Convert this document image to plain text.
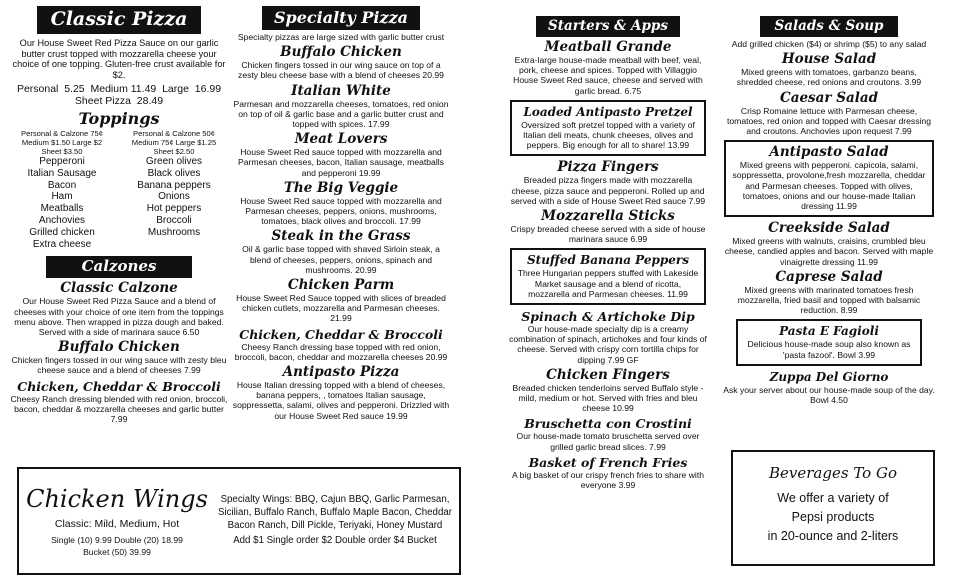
Classic Pizza
Our House Sweet Red Pizza Sauce on our garlic butter crust topped with mozzarella cheese your choice of one topping. Gluten-free crust available for $2.
Personal  5.25  Medium 11.49  Large  16.99
Sheet Pizza  28.49
Toppings
Personal & Calzone 75¢
Medium $1.50 Large $2
Sheet $3.50
Pepperoni
Italian Sausage
Bacon
Ham
Meatballs
Anchovies
Grilled chicken
Extra cheese
Personal & Calzone 50¢
Medium 75¢ Large $1.25
Sheet $2.50
Green olives
Black olives
Banana peppers
Onions
Hot peppers
Broccoli
Mushrooms
Calzones
Classic Calzone
Our House Sweet Red Pizza Sauce and a blend of cheeses with your choice of one item from the toppings menu above. Then wrapped in pizza dough and baked. Served with a side of marinara sauce 6.50
Buffalo Chicken
Chicken fingers tossed in our wing sauce with zesty bleu cheese sauce and a blend of cheeses 7.99
Chicken, Cheddar & Broccoli
Cheesy Ranch dressing blended with red onion, broccoli, bacon, cheddar & mozzarella cheeses and garlic butter 7.99
Specialty Pizza
Specialty pizzas are large sized with garlic butter crust
Buffalo Chicken
Chicken fingers tossed in our wing sauce on top of a zesty bleu cheese base with a blend of cheeses 20.99
Italian White
Parmesan and mozzarella cheeses, tomatoes, red onion on top of oil & garlic base and a garlic butter crust and topped with spices. 17.99
Meat Lovers
House Sweet Red sauce topped with mozzarella and Parmesan cheeses, bacon, Italian sausage, meatballs and pepperoni 19.99
The Big Veggie
House Sweet Red sauce topped with mozzarella and Parmesan cheeses, peppers, onions, mushrooms, tomatoes, black olives and broccoli. 17.99
Steak in the Grass
Oil & garlic base topped with shaved Sirloin steak, a blend of cheeses, peppers, onions, spinach and mushrooms. 20.99
Chicken Parm
House Sweet Red Sauce topped with slices of breaded chicken cutlets, mozzarella and Parmesan cheeses. 21.99
Chicken, Cheddar & Broccoli
Cheesy Ranch dressing base topped with red onion, broccoli, bacon, cheddar and mozzarella cheeses 20.99
Antipasto Pizza
House Italian dressing topped with a blend of cheeses, banana peppers, , tomatoes Italian sausage, soppressetta, salami, olives and pepperoni. Drizzled with our House Sweet Red sauce 19.99
Chicken Wings
Classic: Mild, Medium, Hot
Single (10) 9.99 Double (20) 18.99
Bucket (50) 39.99
Specialty Wings: BBQ, Cajun BBQ, Garlic Parmesan, Sicilian, Buffalo Ranch, Buffalo Maple Bacon, Cheddar Bacon Ranch, Dill Pickle, Teriyaki, Honey Mustard
Add $1 Single order $2 Double order $4 Bucket
Starters & Apps
Meatball Grande
Extra-large house-made meatball with beef, veal, pork, cheese and spices. Topped with Villaggio House Sweet Red sauce, cheese and served with garlic bread. 6.75
Loaded Antipasto Pretzel
Oversized soft pretzel topped with a variety of Italian deli meats, chunk cheeses, olives and peppers. Big enough for all to share! 13.99
Pizza Fingers
Breaded pizza fingers made with mozzarella cheese, pizza sauce and pepperoni. Rolled up and served with a side of House Sweet Red sauce 7.99
Mozzarella Sticks
Crispy breaded cheese served with a side of house marinara sauce 6.99
Stuffed Banana Peppers
Three Hungarian peppers stuffed with Lakeside Market sausage and a blend of ricotta, mozzarella and Parmesan cheeses. 11.99
Spinach & Artichoke Dip
Our house-made specialty dip is a creamy combination of spinach, artichokes and four kinds of cheese. Served with crispy corn tortilla chips for dipping 7.99 GF
Chicken Fingers
Breaded chicken tenderloins served Buffalo style - mild, medium or hot. Served with fries and bleu cheese 10.99
Bruschetta con Crostini
Our house-made tomato bruschetta served over grilled garlic bread slices. 7.99
Basket of French Fries
A big basket of our crispy french fries to share with everyone 3.99
Salads & Soup
Add grilled chicken ($4) or shrimp ($5) to any salad
House Salad
Mixed greens with tomatoes, garbanzo beans, shredded cheese, red onions and croutons. 3.99
Caesar Salad
Crisp Romaine lettuce with Parmesan cheese, tomatoes, red onion and topped with Caesar dressing and croutons. Anchovies upon request 7.99
Antipasto Salad
Mixed greens with pepperoni. capicola, salami, soppressetta, provolone,fresh mozzarella, cheddar and Parmesan cheeses. Topped with olives, tomatoes, onions and our house-made Italian dressing 11.99
Creekside Salad
Mixed greens with walnuts, craisins, crumbled bleu cheese, candied apples and bacon. Served with maple vinaigrette dressing 11.99
Caprese Salad
Mixed greens with marinated tomatoes fresh mozzarella, fried basil and topped with balsamic reduction. 8.99
Pasta E Fagioli
Delicious house-made soup also known as 'pasta fazool'. Bowl 3.99
Zuppa Del Giorno
Ask your server about our house-made soup of the day. Bowl 4.50
Beverages To Go
We offer a variety of
Pepsi products
in 20-ounce and 2-liters
